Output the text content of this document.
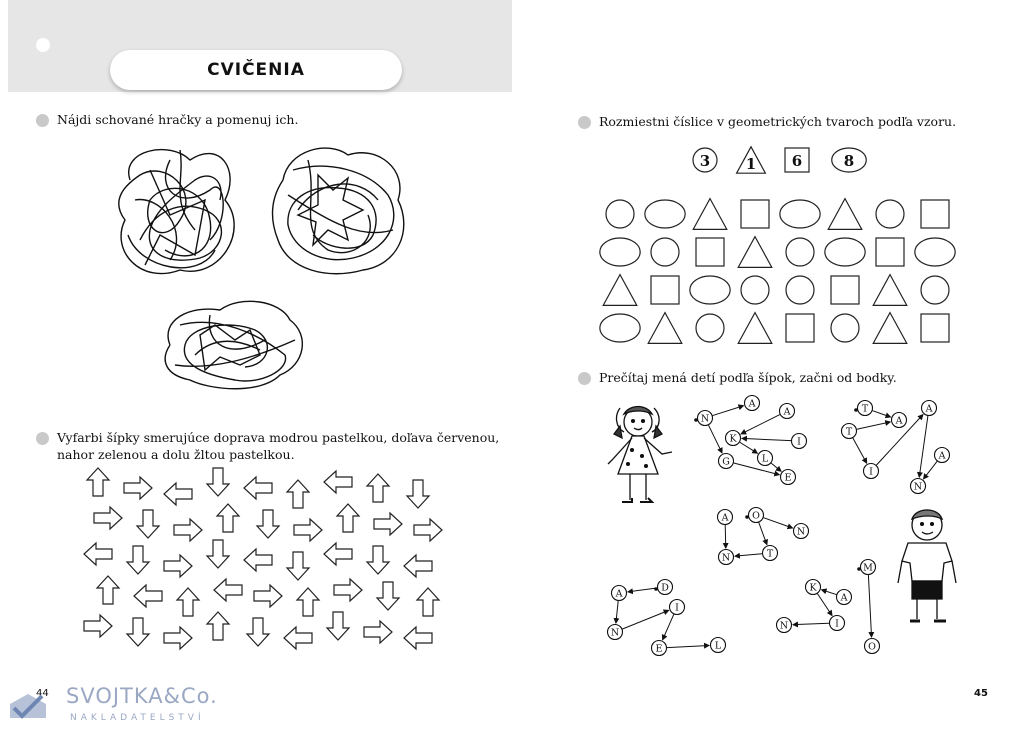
CVIČENIA
Nájdi schované hračky a pomenuj ich.
Vyfarbi šípky smerujúce doprava modrou pastelkou, doľava červenou,
nahor zelenou a dolu žltou pastelkou.
44
Rozmiestni číslice v geometrických tvaroch podľa vzoru.
3 1 6	8
Prečítaj mená detí podľa šípok, začni od bodky.
N
A
A
K	I
G	L
E
T
A
T
A
I
N
A
A O
N
N	T
A
D
I
N
E	L
M
K
A
N	I
O
45
SVOJTKA&Co.
NAKLADATELSTVÍ
